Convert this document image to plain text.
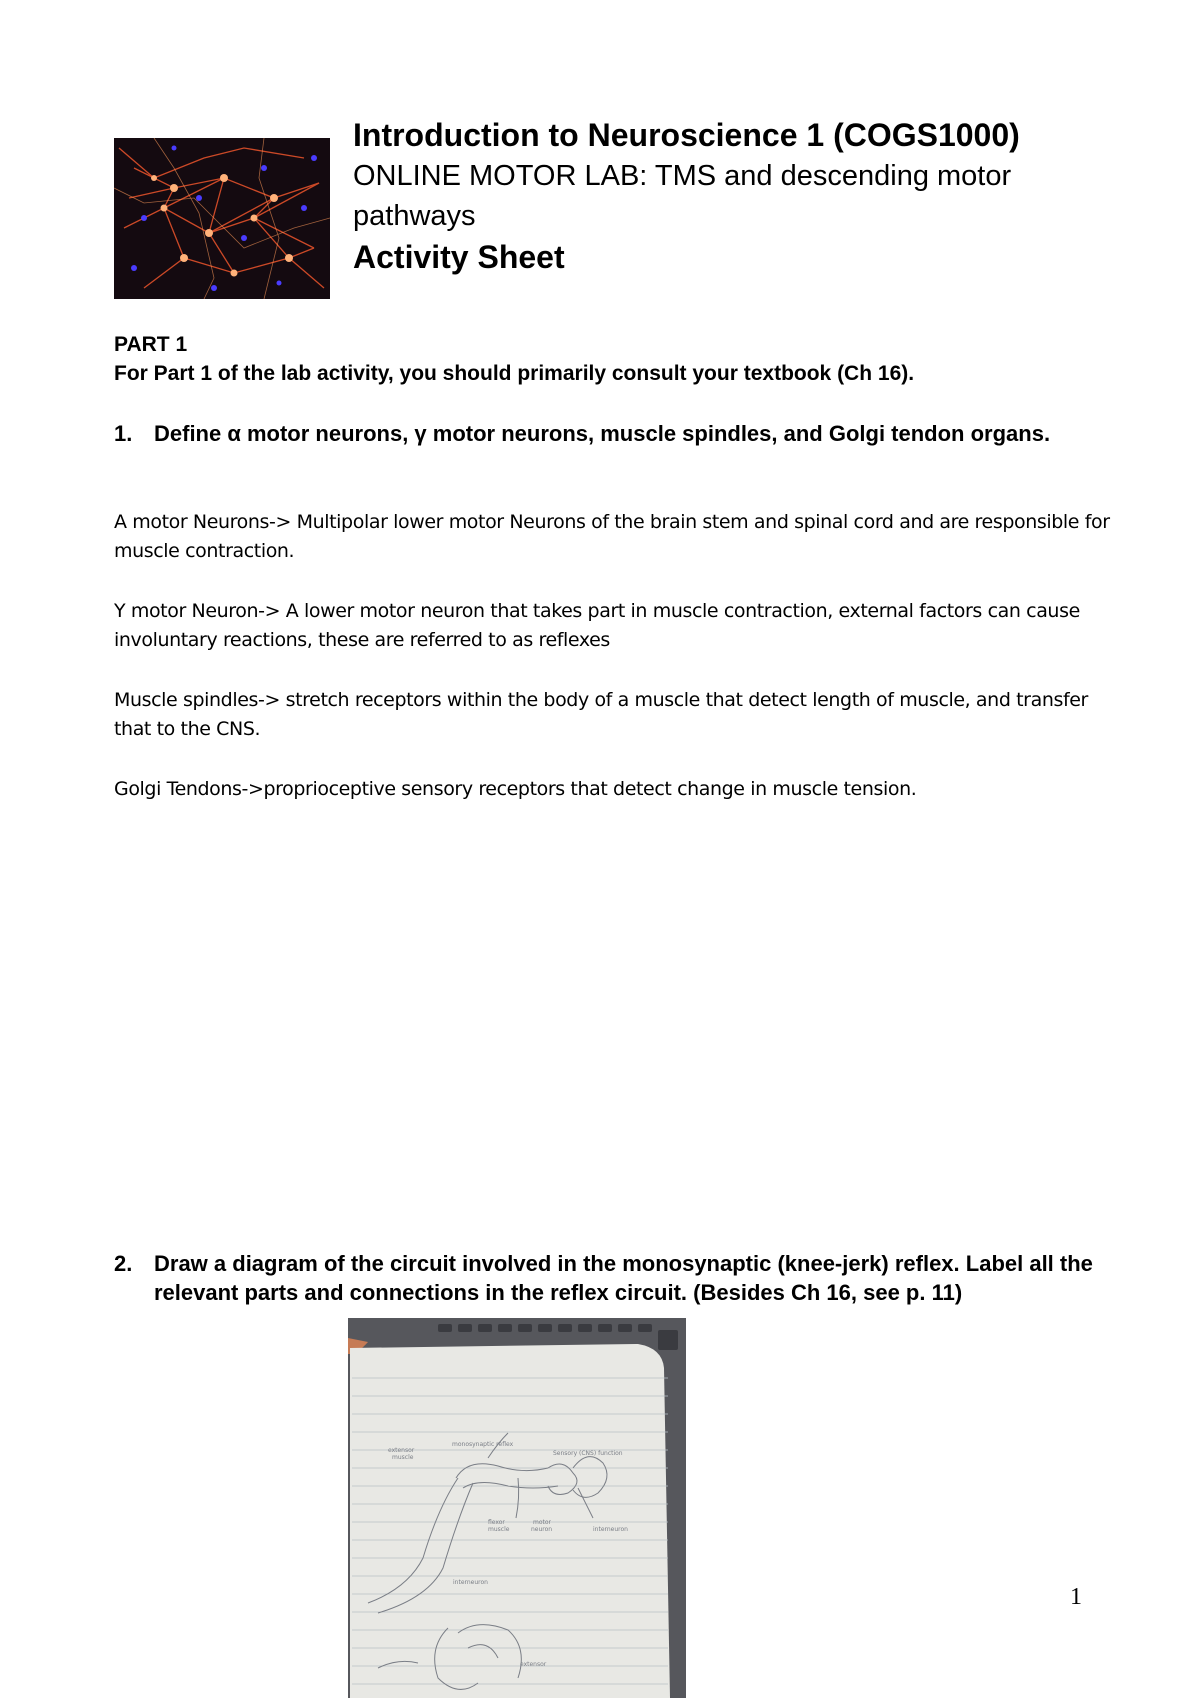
Introduction to Neuroscience 1 (COGS1000)
ONLINE MOTOR LAB: TMS and descending motor pathways
Activity Sheet
PART 1
For Part 1 of the lab activity, you should primarily consult your textbook (Ch 16).
1. Define α motor neurons, γ motor neurons, muscle spindles, and Golgi tendon organs.
A motor Neurons-> Multipolar lower motor Neurons of the brain stem and spinal cord and are responsible for muscle contraction.
Y motor Neuron-> A lower motor neuron that takes part in muscle contraction, external factors can cause involuntary reactions, these are referred to as reflexes
Muscle spindles-> stretch receptors within the body of a muscle that detect length of muscle, and transfer that to the CNS.
Golgi Tendons->proprioceptive sensory receptors that detect change in muscle tension.
2. Draw a diagram of the circuit involved in the monosynaptic (knee-jerk) reflex. Label all the relevant parts and connections in the reflex circuit. (Besides Ch 16, see p. 11)
extensor
muscle
monosynaptic reflex
Sensory (CNS) function
flexor
muscle
motor
neuron	interneuron
interneuron
extensor
1
